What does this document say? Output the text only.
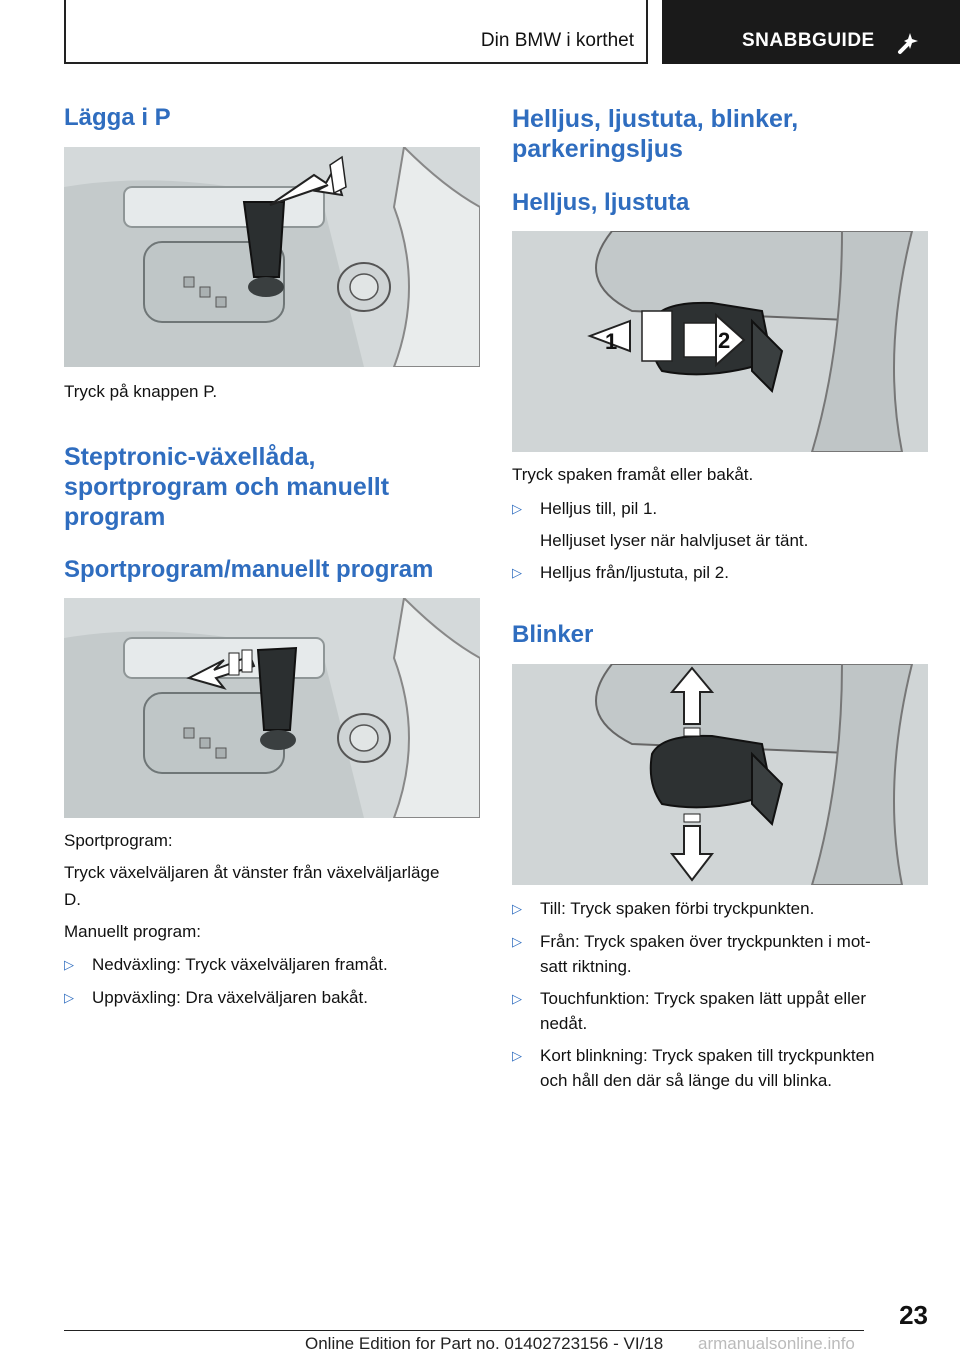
Din BMW i korthet	SNABBGUIDE
Lägga i P

Tryck på knappen P.

Steptronic-växellåda,
sportprogram och manuellt
program
Sportprogram/manuellt program

Sportprogram:

Tryck växelväljaren åt vänster från växelväljarläge

D.

Manuellt program:

▷ Nedväxling: Tryck växelväljaren framåt.
▷ Uppväxling: Dra växelväljaren bakåt.
Helljus, ljustuta, blinker,
parkeringsljus
Helljus, ljustuta
1	2

Tryck spaken framåt eller bakåt.

▷ Helljus till, pil 1.

Helljuset lyser när halvljuset är tänt.

▷ Helljus från/ljustuta, pil 2.
Blinker
▷ Till: Tryck spaken förbi tryckpunkten.
▷ Från: Tryck spaken över tryckpunkten i mot‐
satt riktning.
▷ Touchfunktion: Tryck spaken lätt uppåt eller
nedåt.
▷ Kort blinkning: Tryck spaken till tryckpunkten
och håll den där så länge du vill blinka.
23
Online Edition for Part no. 01402723156 - VI/18 armanualsonline.info
